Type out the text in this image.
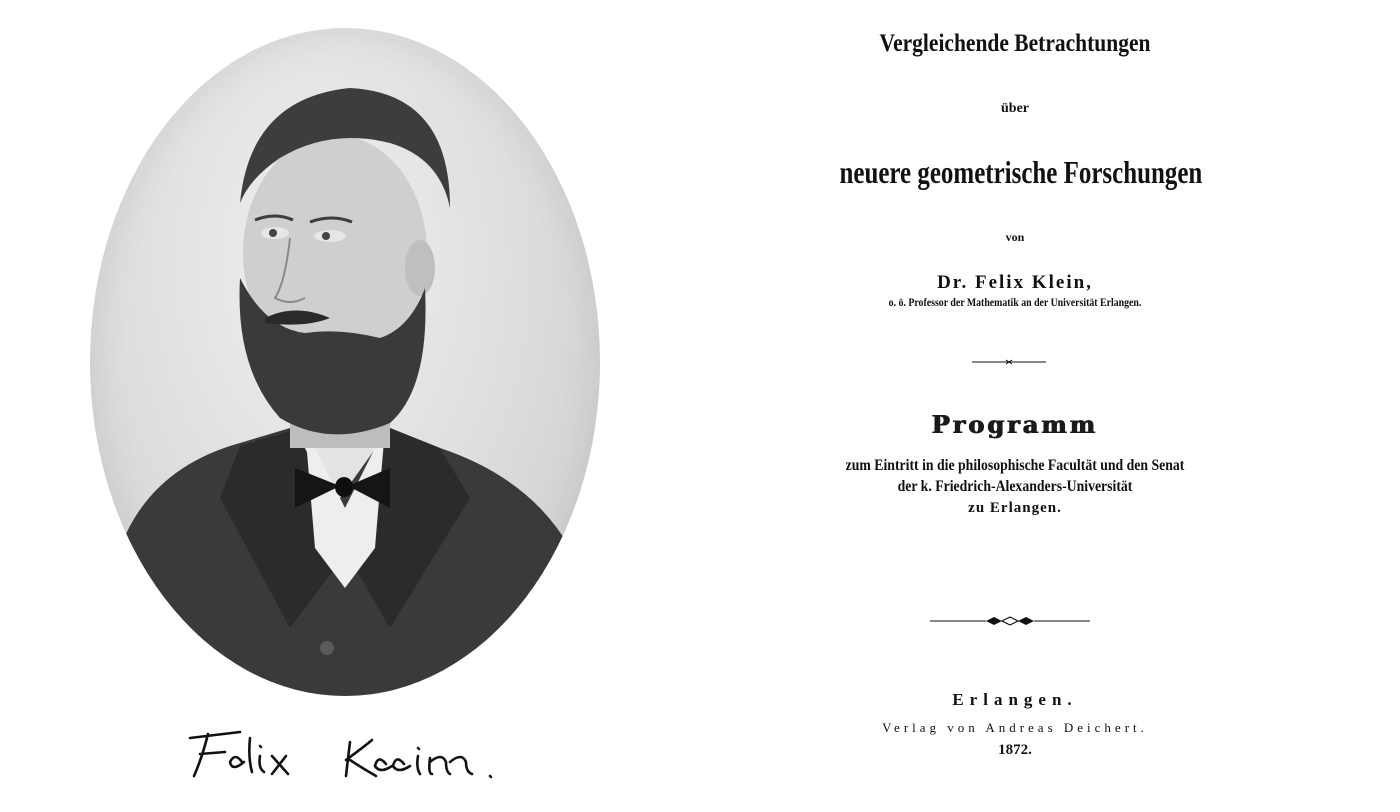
Vergleichende Betrachtungen
über
neuere geometrische Forschungen
von
Dr. Felix Klein,
o. ö. Professor der Mathematik an der Universität Erlangen.
Programm
zum Eintritt in die philosophische Facultät und den Senat
der k. Friedrich-Alexanders-Universität
zu Erlangen.
Erlangen.
Verlag von Andreas Deichert.
1872.
